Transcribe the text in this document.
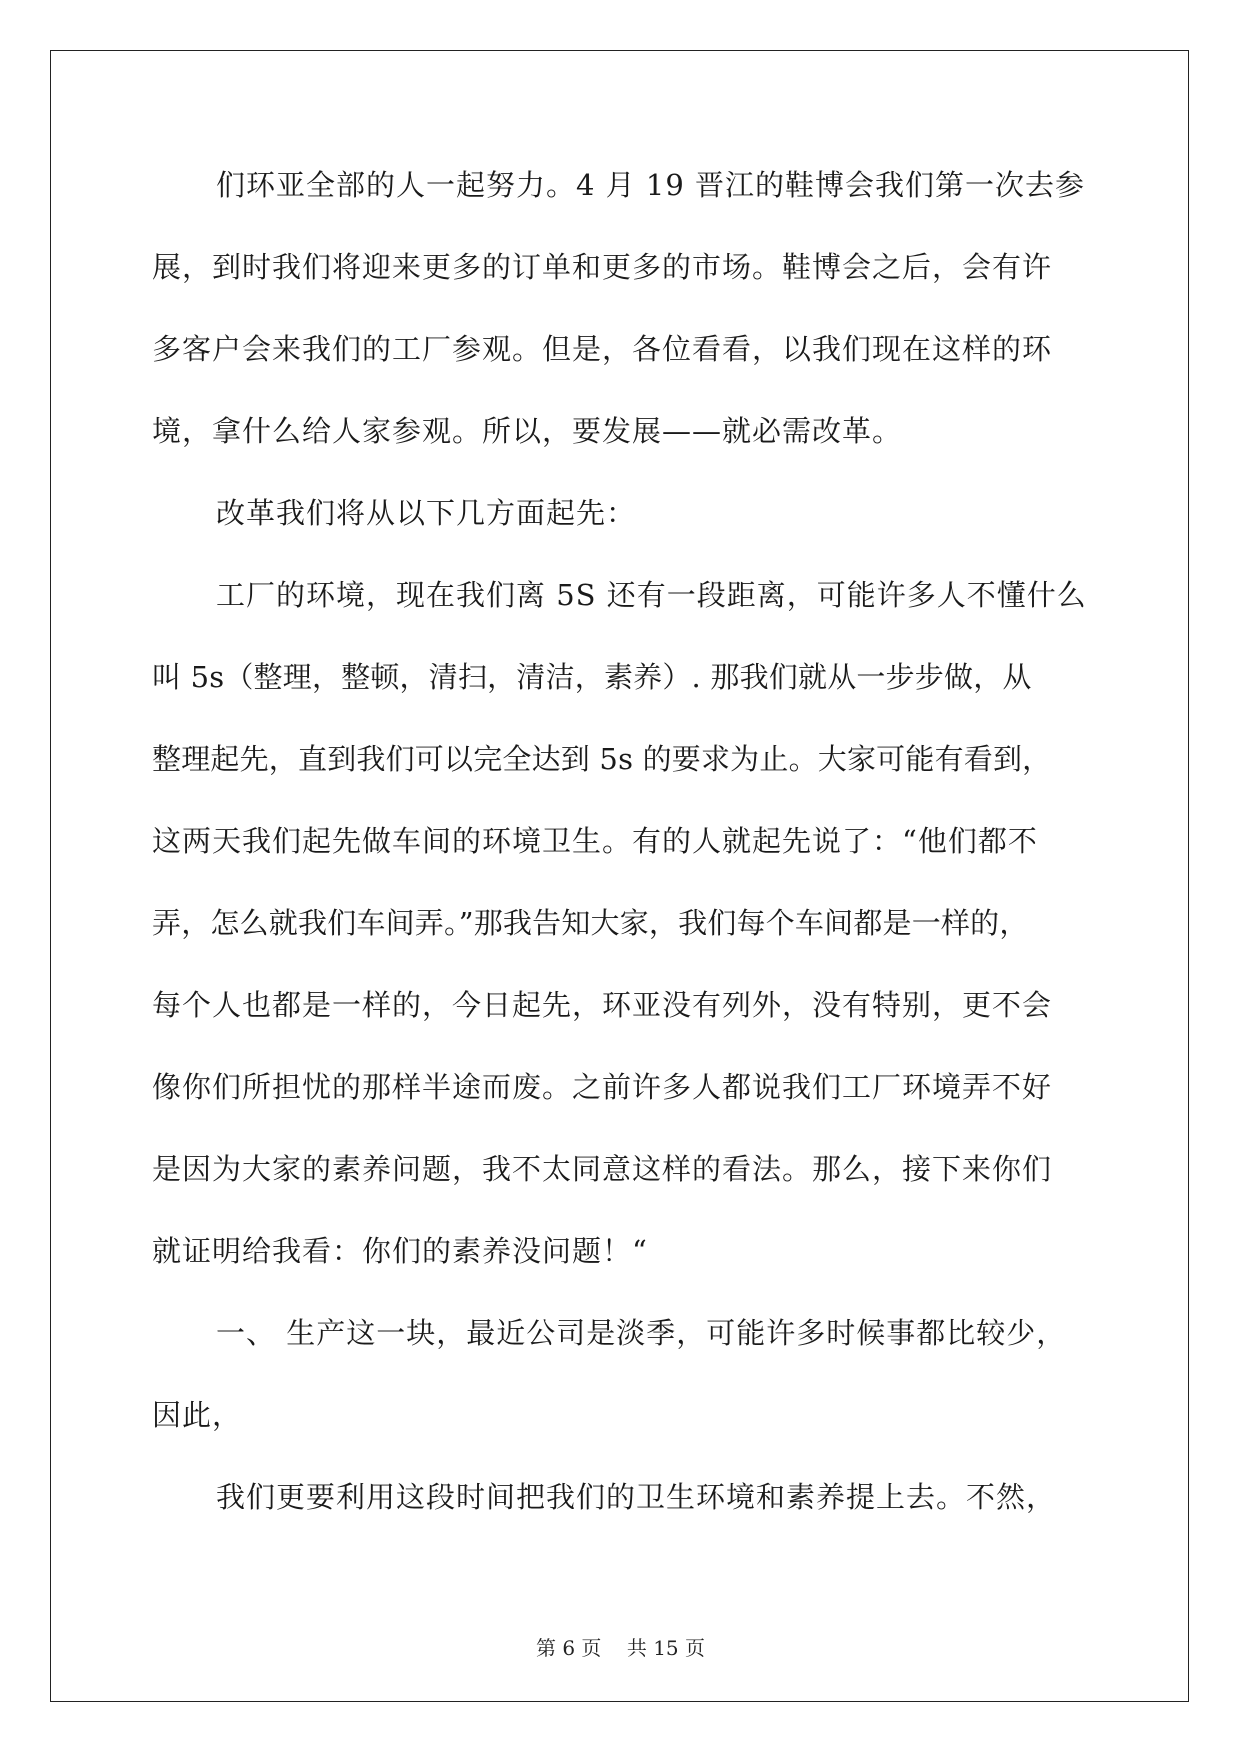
们环亚全部的人一起努力。4 月 19 晋江的鞋博会我们第一次去参
展，到时我们将迎来更多的订单和更多的市场。鞋博会之后，会有许
多客户会来我们的工厂参观。但是，各位看看，以我们现在这样的环
境，拿什么给人家参观。所以，要发展——就必需改革。
改革我们将从以下几方面起先：
工厂的环境，现在我们离 5S 还有一段距离，可能许多人不懂什么
叫 5s（整理，整顿，清扫，清洁，素养）. 那我们就从一步步做，从
整理起先，直到我们可以完全达到 5s 的要求为止。大家可能有看到，
这两天我们起先做车间的环境卫生。有的人就起先说了：“他们都不
弄，怎么就我们车间弄。”那我告知大家，我们每个车间都是一样的，
每个人也都是一样的，今日起先，环亚没有列外，没有特别，更不会
像你们所担忧的那样半途而废。之前许多人都说我们工厂环境弄不好
是因为大家的素养问题，我不太同意这样的看法。那么，接下来你们
就证明给我看：你们的素养没问题！“
一、 生产这一块，最近公司是淡季，可能许多时候事都比较少，
因此，
我们更要利用这段时间把我们的卫生环境和素养提上去。不然，
第 6 页    共 15 页
